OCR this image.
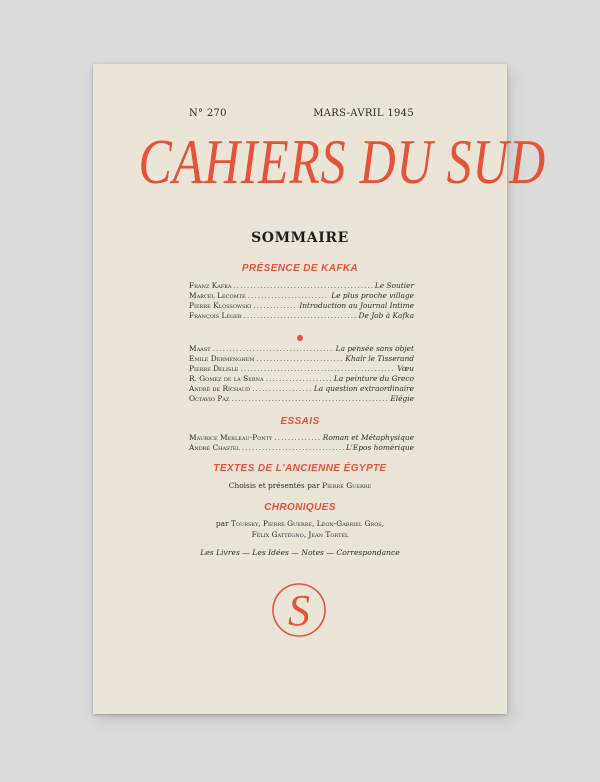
N° 270	MARS-AVRIL 1945
CAHIERS DU SUD
SOMMAIRE
PRÉSENCE DE KAFKA
Franz Kafka .....	Le Soutier
Marcel Lecomte .....	Le plus proche village
Pierre Klossowski .....	Introduction au Journal Intime
François Léger .....	De Job à Kafka
Maast .....	La pensée sans objet
Emile Dermenghem .....	Khaïr le Tisserand
Pierre Delisle .....	Vœu
R. Gomez de la Serna .....	La peinture du Greco
André de Richaud .....	La question extraordinaire
Octavio Paz .....	Elégie
ESSAIS
Maurice Merleau-Ponty .....	Roman et Métaphysique
André Chastel .....	L'Epos homérique
TEXTES DE L'ANCIENNE ÉGYPTE
Choisis et présentés par Pierre Guerre
CHRONIQUES
par Toursky, Pierre Guerre, Léon-Gabriel Gros,
Félix Gattégno, Jean Tortel
Les Livres — Les Idées — Notes — Correspondance
S
